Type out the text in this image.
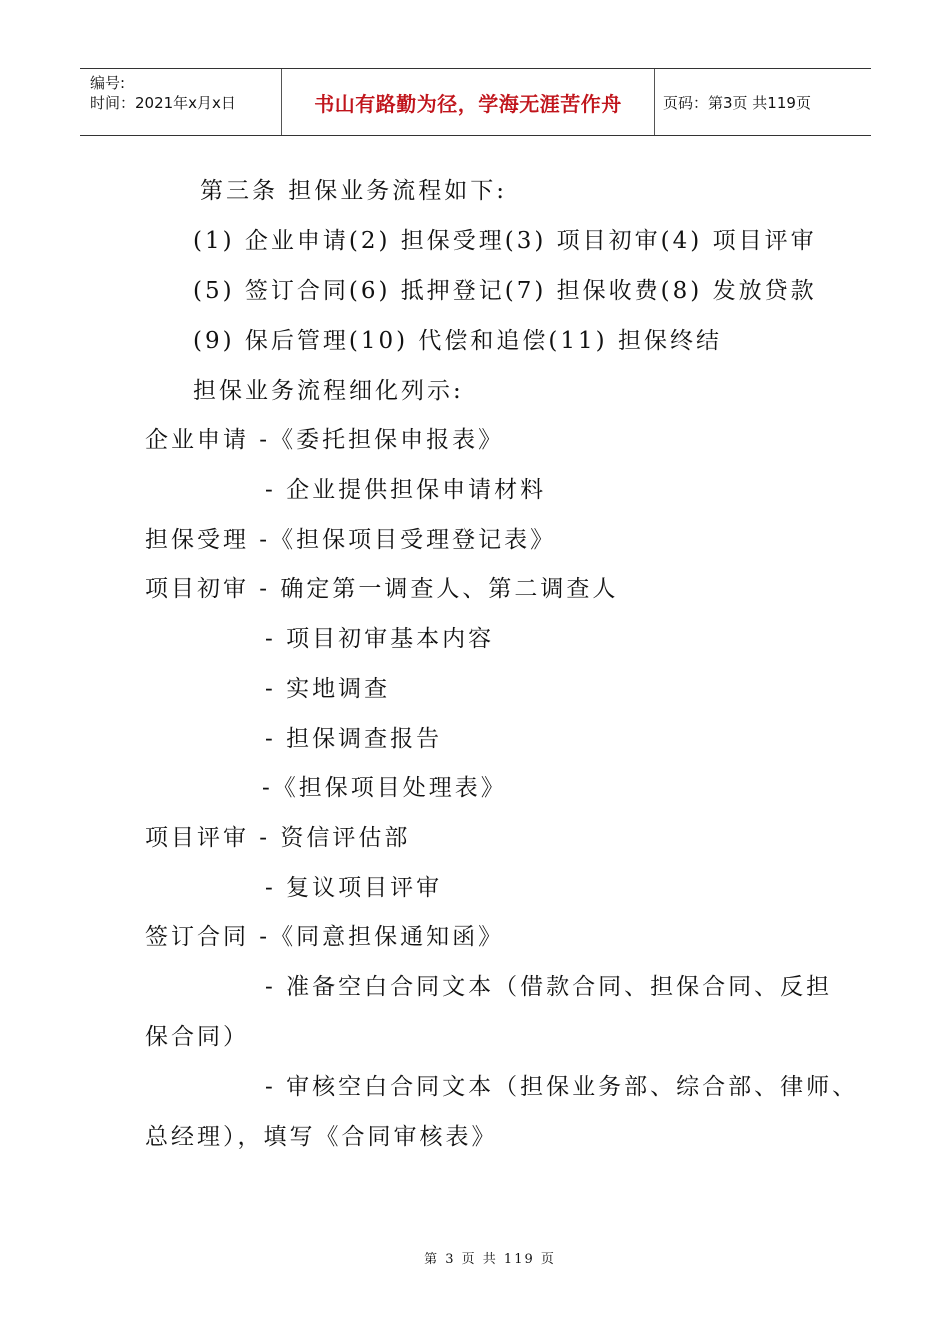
编号:
时间：2021年x月x日	书山有路勤为径，学海无涯苦作舟	页码：第3页 共119页
第三条 担保业务流程如下:
(1) 企业申请(2) 担保受理(3) 项目初审(4) 项目评审
(5) 签订合同(6) 抵押登记(7) 担保收费(8) 发放贷款
(9) 保后管理(10) 代偿和追偿(11) 担保终结
担保业务流程细化列示:
企业申请 -《委托担保申报表》
- 企业提供担保申请材料
担保受理 -《担保项目受理登记表》
项目初审 - 确定第一调查人、第二调查人
- 项目初审基本内容
- 实地调查
- 担保调查报告
-《担保项目处理表》
项目评审 - 资信评估部
- 复议项目评审
签订合同 -《同意担保通知函》
- 准备空白合同文本（借款合同、担保合同、反担
保合同）
- 审核空白合同文本（担保业务部、综合部、律师、
总经理），填写《合同审核表》
第 3 页 共 119 页
